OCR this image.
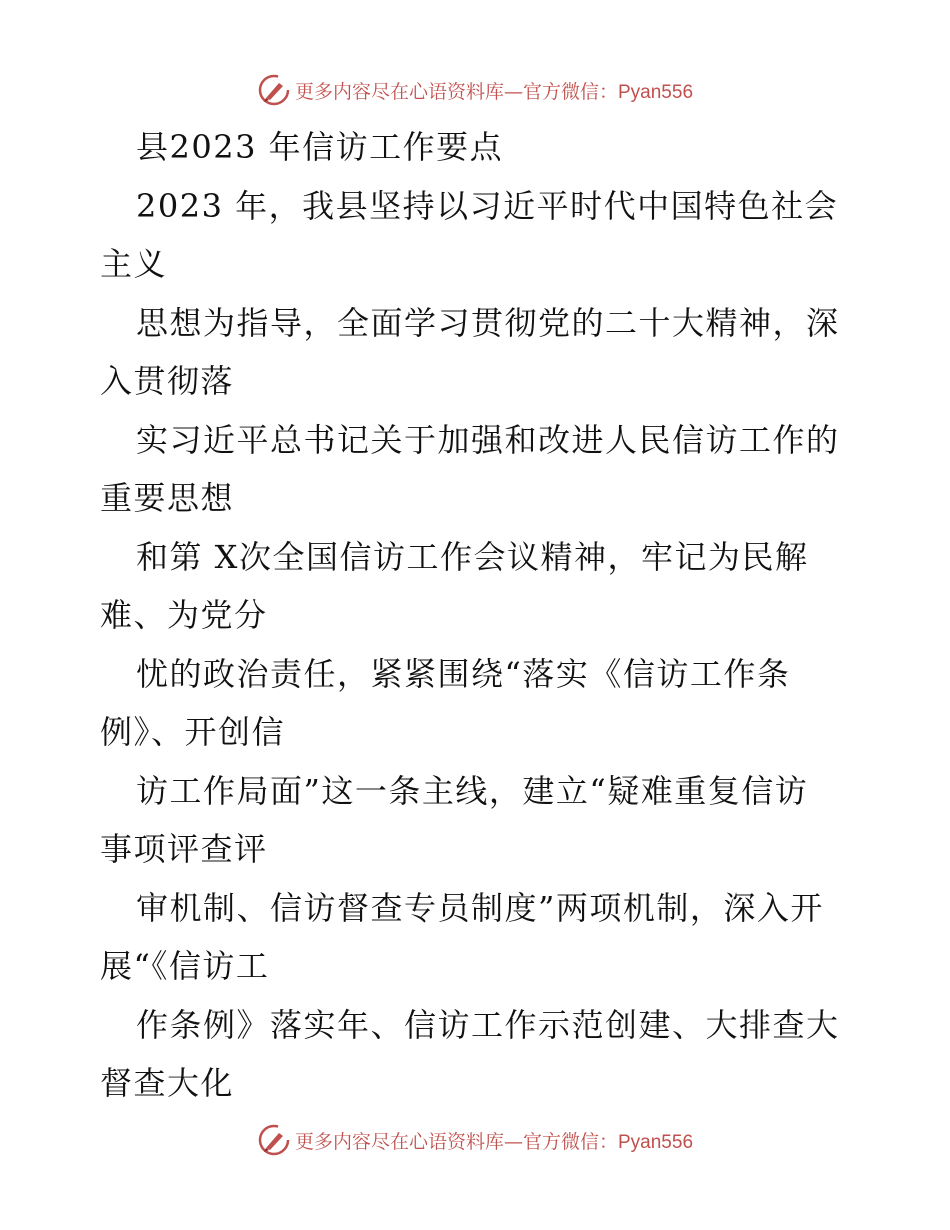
更多内容尽在心语资料库—官方微信：Pyan556
县2023 年信访工作要点
2023 年，我县坚持以习近平时代中国特色社会
主义
思想为指导，全面学习贯彻党的二十大精神，深
入贯彻落
实习近平总书记关于加强和改进人民信访工作的
重要思想
和第 X次全国信访工作会议精神，牢记为民解
难、为党分
忧的政治责任，紧紧围绕“落实《信访工作条
例》、开创信
访工作局面”这一条主线，建立“疑难重复信访
事项评查评
审机制、信访督查专员制度”两项机制，深入开
展“《信访工
作条例》落实年、信访工作示范创建、大排查大
督查大化
更多内容尽在心语资料库—官方微信：Pyan556
